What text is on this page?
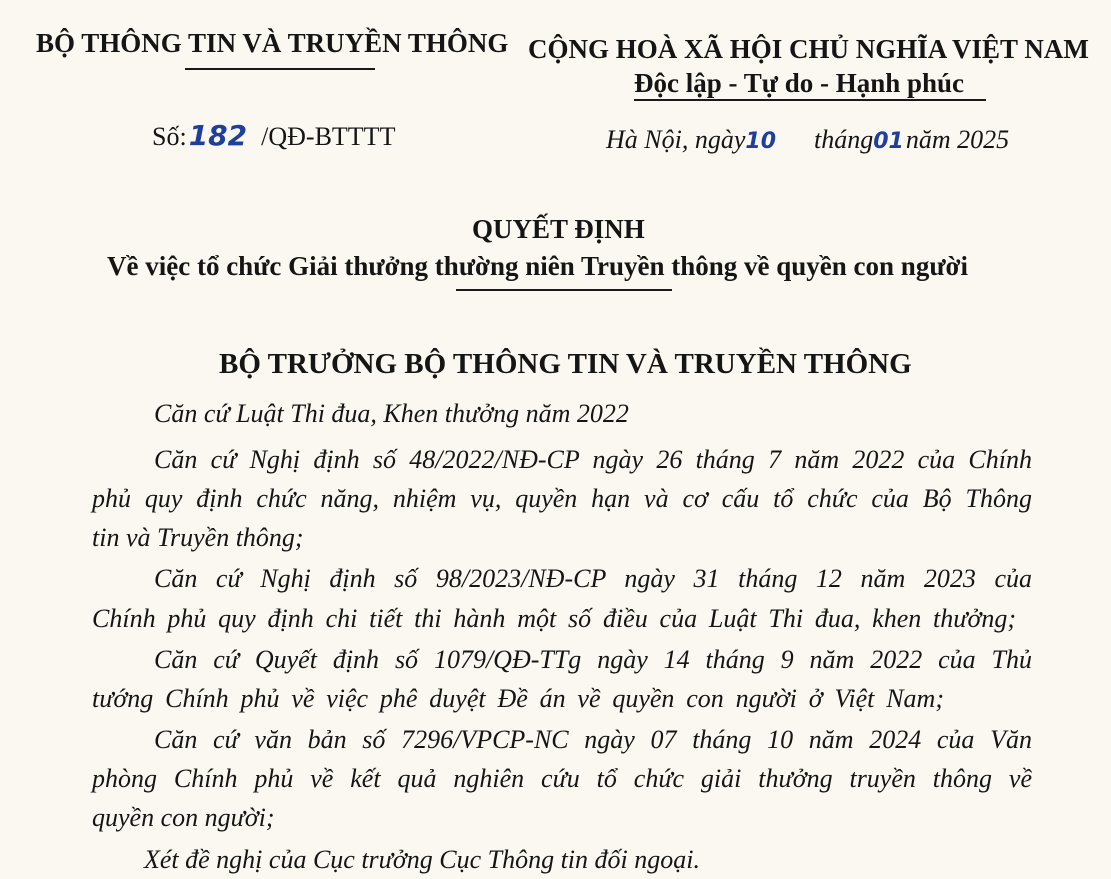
BỘ THÔNG TIN VÀ TRUYỀN THÔNG CỘNG HOÀ XÃ HỘI CHỦ NGHĨA VIỆT NAM
Độc lập - Tự do - Hạnh phúc
Số:182 /QĐ-BTTTT	Hà Nội, ngày10 tháng01năm 2025
QUYẾT ĐỊNH
Về việc tổ chức Giải thưởng thường niên Truyền thông về quyền con người
BỘ TRƯỞNG BỘ THÔNG TIN VÀ TRUYỀN THÔNG
Căn cứ Luật Thi đua, Khen thưởng năm 2022
Căn cứ Nghị định số 48/2022/NĐ-CP ngày 26 tháng 7 năm 2022 của Chính
phủ quy định chức năng, nhiệm vụ, quyền hạn và cơ cấu tổ chức của Bộ Thông
tin và Truyền thông;
Căn cứ Nghị định số 98/2023/NĐ-CP ngày 31 tháng 12 năm 2023 của
Chính phủ quy định chi tiết thi hành một số điều của Luật Thi đua, khen thưởng;
Căn cứ Quyết định số 1079/QĐ-TTg ngày 14 tháng 9 năm 2022 của Thủ
tướng Chính phủ về việc phê duyệt Đề án về quyền con người ở Việt Nam;
Căn cứ văn bản số 7296/VPCP-NC ngày 07 tháng 10 năm 2024 của Văn
phòng Chính phủ về kết quả nghiên cứu tổ chức giải thưởng truyền thông về
quyền con người;
Xét đề nghị của Cục trưởng Cục Thông tin đối ngoại.
